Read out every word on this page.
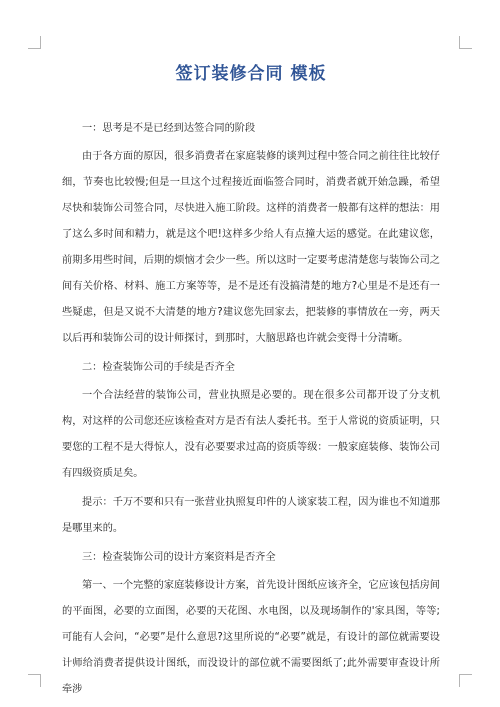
签订装修合同 模板
一：思考是不是已经到达签合同的阶段

由于各方面的原因，很多消费者在家庭装修的谈判过程中签合同之前往往比较仔细，节奏也比较慢;但是一旦这个过程接近面临签合同时，消费者就开始急躁，希望尽快和装饰公司签合同，尽快进入施工阶段。这样的消费者一般都有这样的想法：用了这么多时间和精力，就是这个吧!这样多少给人有点撞大运的感觉。在此建议您，前期多用些时间，后期的烦恼才会少一些。所以这时一定要考虑清楚您与装饰公司之间有关价格、材料、施工方案等等，是不是还有没搞清楚的地方?心里是不是还有一些疑虑，但是又说不大清楚的地方?建议您先回家去，把装修的事情放在一旁，两天以后再和装饰公司的设计师探讨，到那时，大脑思路也许就会变得十分清晰。

二：检查装饰公司的手续是否齐全

一个合法经营的装饰公司，营业执照是必要的。现在很多公司都开设了分支机构，对这样的公司您还应该检查对方是否有法人委托书。至于人常说的资质证明，只要您的工程不是大得惊人，没有必要要求过高的资质等级：一般家庭装修、装饰公司有四级资质足矣。

提示：千万不要和只有一张营业执照复印件的人谈家装工程，因为谁也不知道那是哪里来的。

三：检查装饰公司的设计方案资料是否齐全

第一、一个完整的家庭装修设计方案，首先设计图纸应该齐全，它应该包括房间的平面图，必要的立面图，必要的天花图、水电图，以及现场制作的'家具图，等等;可能有人会问，“必要”是什么意思?这里所说的“必要”就是，有设计的部位就需要设计师给消费者提供设计图纸，而没设计的部位就不需要图纸了;此外需要审查设计所牵涉
